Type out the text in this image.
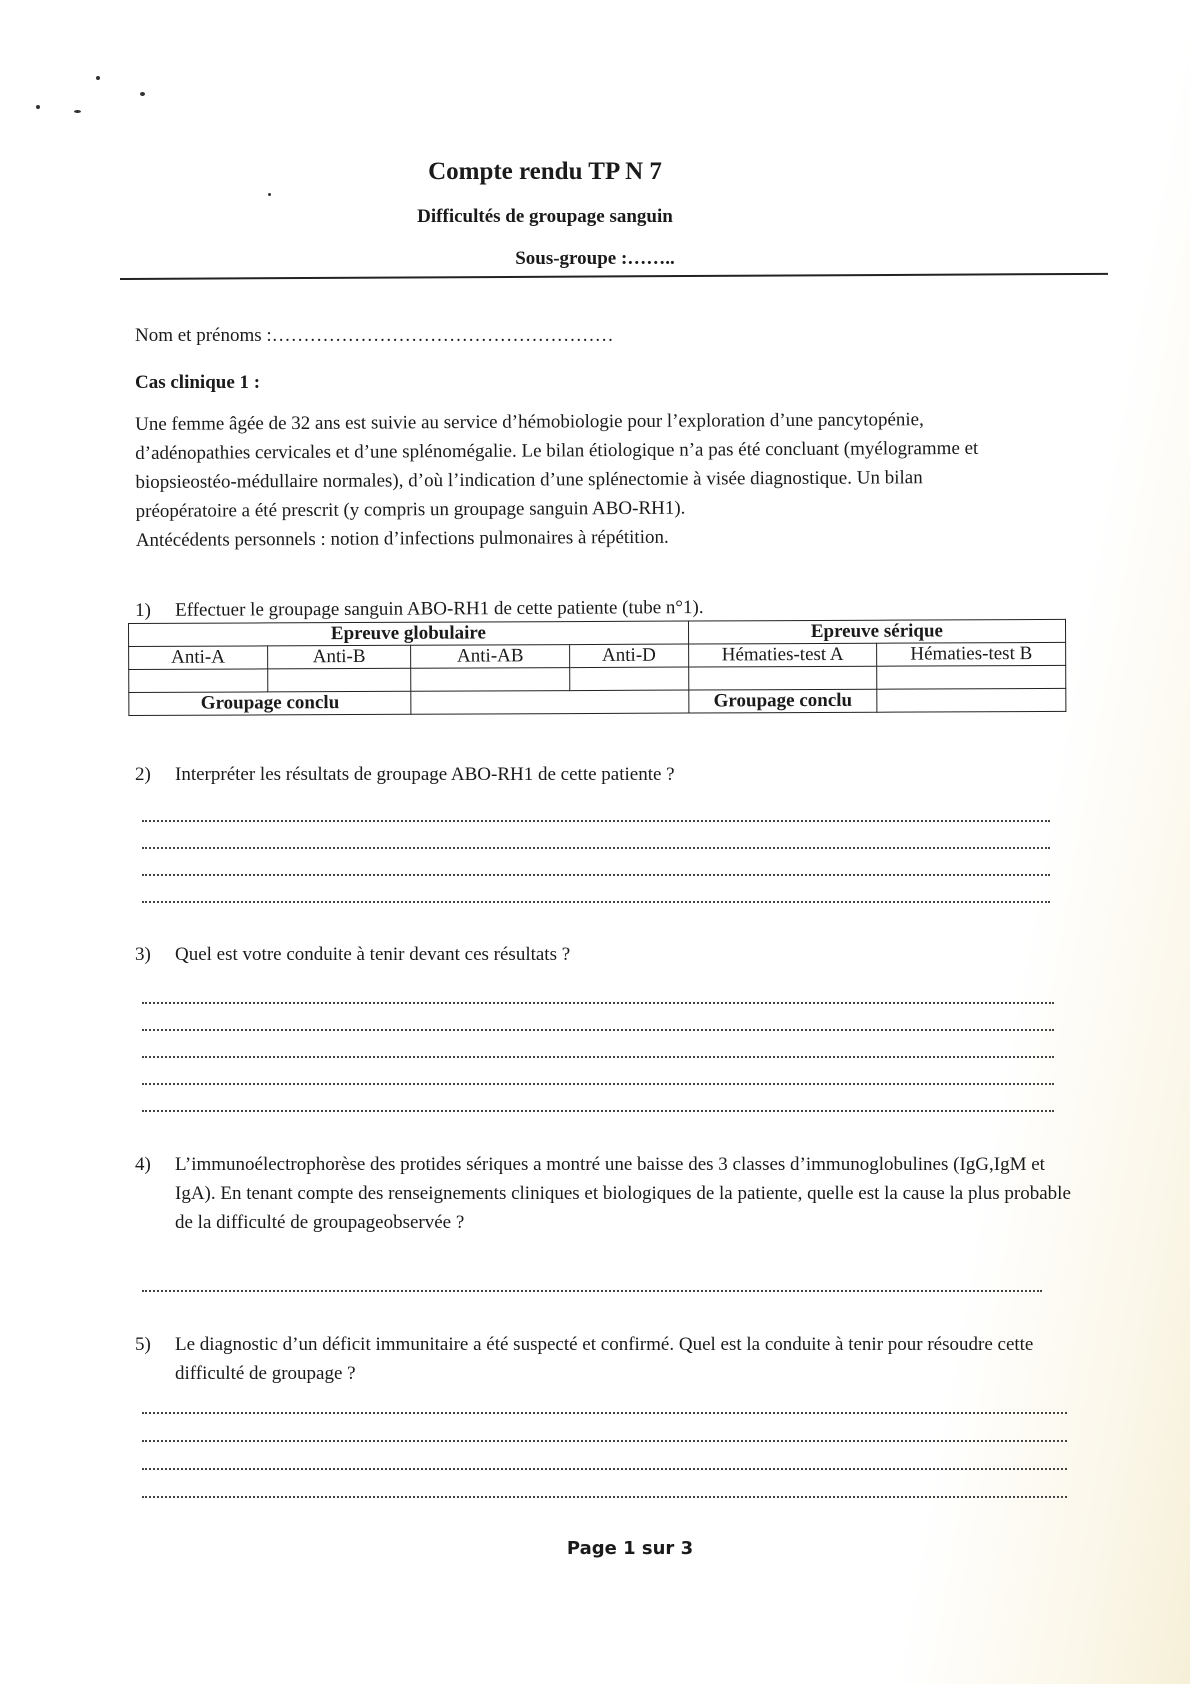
Compte rendu TP N 7
Difficultés de groupage sanguin
Sous-groupe :……..
Nom et prénoms :………………………………………………
Cas clinique 1 :

Une femme âgée de 32 ans est suivie au service d’hémobiologie pour l’exploration d’une pancytopénie, d’adénopathies cervicales et d’une splénomégalie. Le bilan étiologique n’a pas été concluant (myélogramme et biopsieostéo-médullaire normales), d’où l’indication d’une splénectomie à visée diagnostique. Un bilan préopératoire a été prescrit (y compris un groupage sanguin ABO-RH1).

Antécédents personnels : notion d’infections pulmonaires à répétition.

1) Effectuer le groupage sanguin ABO-RH1 de cette patiente (tube n°1).
Epreuve globulaire				Epreuve sérique	
Anti-A	Anti-B	Anti-AB	Anti-D	Hématies-test A	Hématies-test B

Groupage conclu				Groupage conclu	
2) Interpréter les résultats de groupage ABO-RH1 de cette patiente ?
3) Quel est votre conduite à tenir devant ces résultats ?
4) L’immunoélectrophorèse des protides sériques a montré une baisse des 3 classes d’immunoglobulines (IgG,IgM et IgA). En tenant compte des renseignements cliniques et biologiques de la patiente, quelle est la cause la plus probable de la difficulté de groupageobservée ?
5) Le diagnostic d’un déficit immunitaire a été suspecté et confirmé. Quel est la conduite à tenir pour résoudre cette difficulté de groupage ?
Page 1 sur 3
